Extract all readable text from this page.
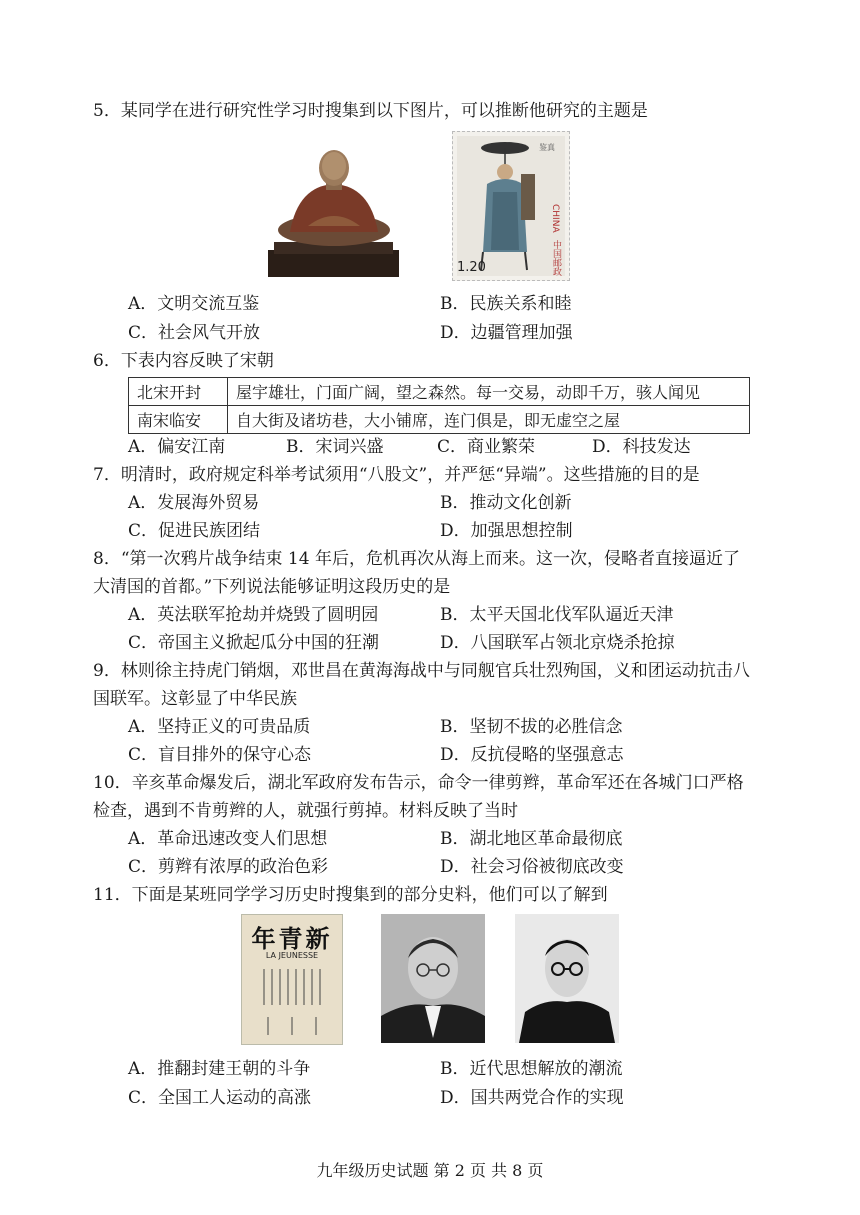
5．某同学在进行研究性学习时搜集到以下图片，可以推断他研究的主题是
1.20
CHINA
中国邮政
鉴真
A．文明交流互鉴	B．民族关系和睦
C．社会风气开放	D．边疆管理加强
6．下表内容反映了宋朝
北宋开封	屋宇雄壮，门面广阔，望之森然。每一交易，动即千万，骇人闻见
南宋临安	自大街及诸坊巷，大小铺席，连门俱是，即无虚空之屋
A．偏安江南	B．宋词兴盛	C．商业繁荣	D．科技发达
7．明清时，政府规定科举考试须用“八股文”，并严惩“异端”。这些措施的目的是
A．发展海外贸易	B．推动文化创新
C．促进民族团结	D．加强思想控制
8．“第一次鸦片战争结束 14 年后，危机再次从海上而来。这一次，侵略者直接逼近了
大清国的首都。”下列说法能够证明这段历史的是
A．英法联军抢劫并烧毁了圆明园	B．太平天国北伐军队逼近天津
C．帝国主义掀起瓜分中国的狂潮	D．八国联军占领北京烧杀抢掠
9．林则徐主持虎门销烟，邓世昌在黄海海战中与同舰官兵壮烈殉国，义和团运动抗击八
国联军。这彰显了中华民族
A．坚持正义的可贵品质	B．坚韧不拔的必胜信念
C．盲目排外的保守心态	D．反抗侵略的坚强意志
10．辛亥革命爆发后，湖北军政府发布告示，命令一律剪辫，革命军还在各城门口严格
检查，遇到不肯剪辫的人，就强行剪掉。材料反映了当时
A．革命迅速改变人们思想	B．湖北地区革命最彻底
C．剪辫有浓厚的政治色彩	D．社会习俗被彻底改变
11．下面是某班同学学习历史时搜集到的部分史料，他们可以了解到
年青新
LA JEUNESSE
A．推翻封建王朝的斗争	B．近代思想解放的潮流
C．全国工人运动的高涨	D．国共两党合作的实现
九年级历史试题 第 2 页 共 8 页
